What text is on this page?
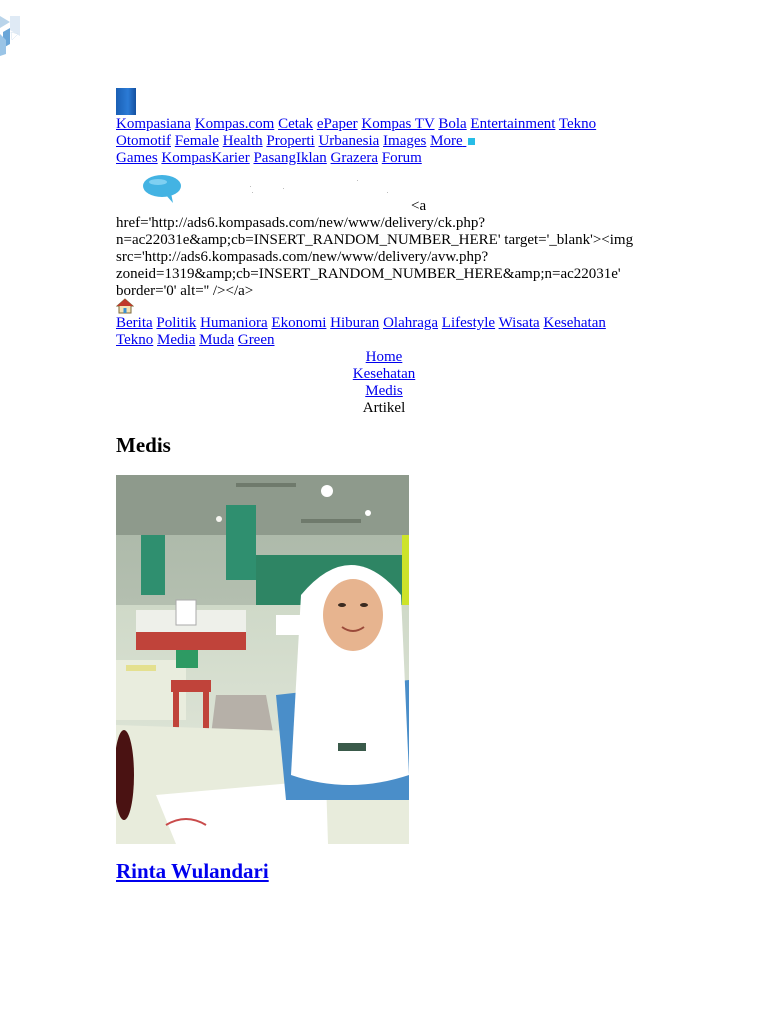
Kompasiana Kompas.com Cetak ePaper Kompas TV Bola Entertainment Tekno
Otomotif Female Health Properti Urbanesia Images More
Games KompasKarier PasangIklan Grazera Forum
<a
href='http://ads6.kompasads.com/new/www/delivery/ck.php?
n=ac22031e&amp;cb=INSERT_RANDOM_NUMBER_HERE' target='_blank'><img
src='http://ads6.kompasads.com/new/www/delivery/avw.php?
zoneid=1319&amp;cb=INSERT_RANDOM_NUMBER_HERE&amp;n=ac22031e'
border='0' alt='' /></a>
Berita Politik Humaniora Ekonomi Hiburan Olahraga Lifestyle Wisata Kesehatan
Tekno Media Muda Green
Home
Kesehatan
Medis
Artikel
Medis
Rinta Wulandari
